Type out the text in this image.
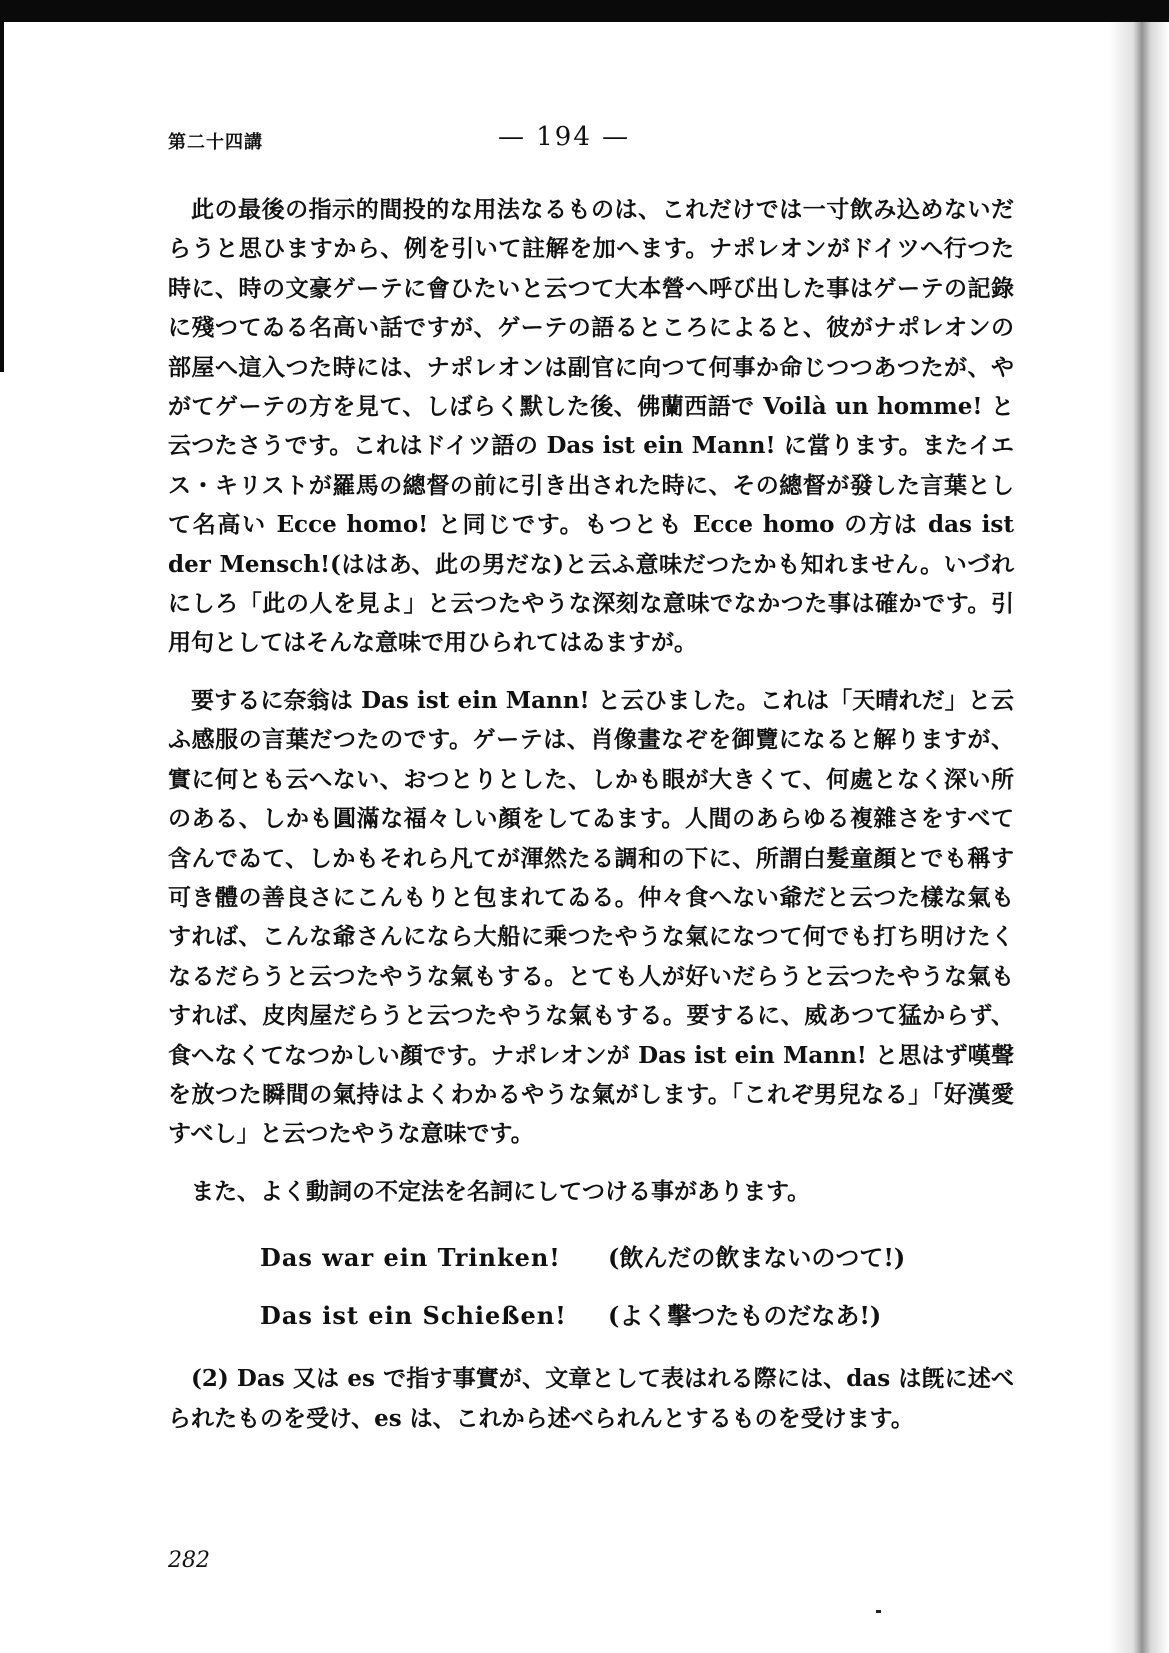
第二十四講	— 194 —

此の最後の指示的間投的な用法なるものは、これだけでは一寸飲み込めないだらうと思ひますから、例を引いて註解を加へます。ナポレオンがドイツへ行つた時に、時の文豪ゲーテに會ひたいと云つて大本營へ呼び出した事はゲーテの記錄に殘つてゐる名高い話ですが、ゲーテの語るところによると、彼がナポレオンの部屋へ這入つた時には、ナポレオンは副官に向つて何事か命じつつあつたが、やがてゲーテの方を見て、しばらく默した後、佛蘭西語で Voilà un homme! と云つたさうです。これはドイツ語の Das ist ein Mann! に當ります。またイエス・キリストが羅馬の總督の前に引き出された時に、その總督が發した言葉として名高い Ecce homo! と同じです。もつとも Ecce homo の方は das ist der Mensch!(ははあ、此の男だな)と云ふ意味だつたかも知れません。いづれにしろ「此の人を見よ」と云つたやうな深刻な意味でなかつた事は確かです。引用句としてはそんな意味で用ひられてはゐますが。

要するに奈翁は Das ist ein Mann! と云ひました。これは「天晴れだ」と云ふ感服の言葉だつたのです。ゲーテは、肖像畫なぞを御覽になると解りますが、實に何とも云へない、おつとりとした、しかも眼が大きくて、何處となく深い所のある、しかも圓滿な福々しい顏をしてゐます。人間のあらゆる複雜さをすべて含んでゐて、しかもそれら凡てが渾然たる調和の下に、所謂白髮童顏とでも稱す可き體の善良さにこんもりと包まれてゐる。仲々食へない爺だと云つた樣な氣もすれば、こんな爺さんになら大船に乘つたやうな氣になつて何でも打ち明けたくなるだらうと云つたやうな氣もする。とても人が好いだらうと云つたやうな氣もすれば、皮肉屋だらうと云つたやうな氣もする。要するに、威あつて猛からず、食へなくてなつかしい顏です。ナポレオンが Das ist ein Mann! と思はず嘆聲を放つた瞬間の氣持はよくわかるやうな氣がします。「これぞ男兒なる」「好漢愛すべし」と云つたやうな意味です。

また、よく動詞の不定法を名詞にしてつける事があります。

Das war ein Trinken!	(飲んだの飲まないのつて!)
Das ist ein Schießen!	(よく擊つたものだなあ!)

(2) Das 又は es で指す事實が、文章として表はれる際には、das は旣に述べられたものを受け、es は、これから述べられんとするものを受けます。

282
